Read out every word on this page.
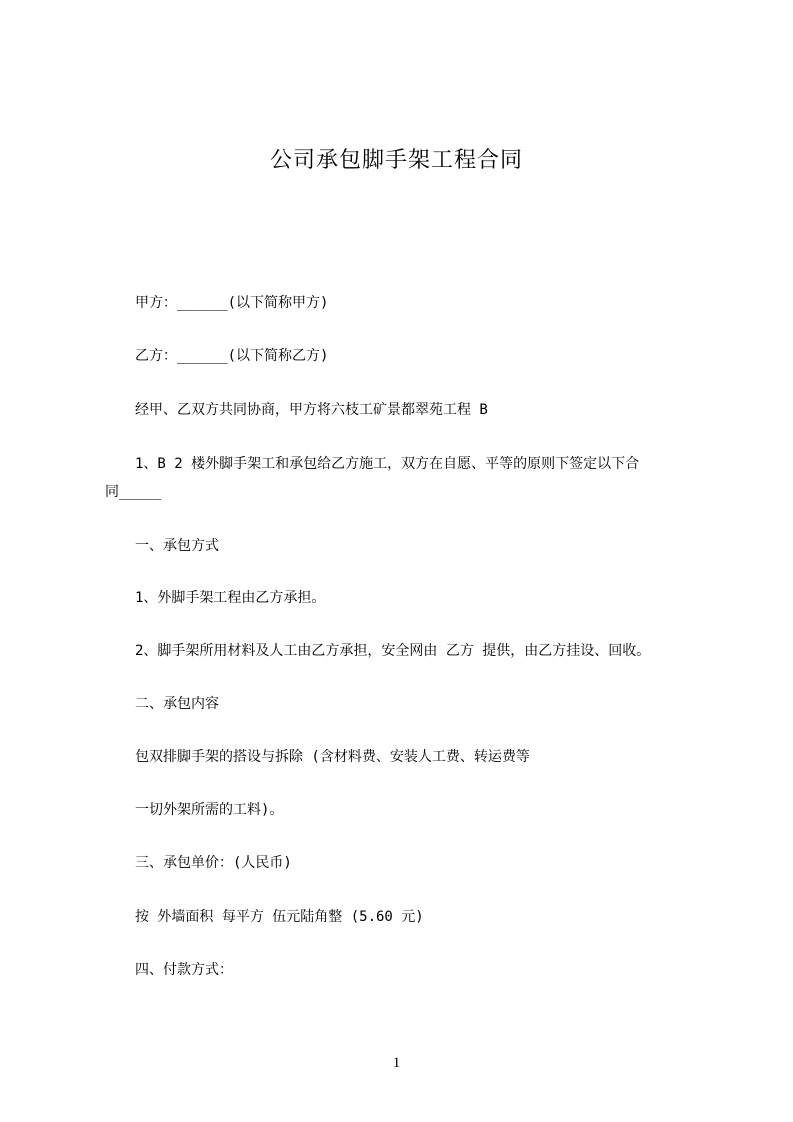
公司承包脚手架工程合同
甲方：______(以下简称甲方)
乙方：______(以下简称乙方)
经甲、乙双方共同协商，甲方将六枝工矿景都翠苑工程 B
1、B 2 楼外脚手架工和承包给乙方施工，双方在自愿、平等的原则下签定以下合
同_____
一、承包方式
1、外脚手架工程由乙方承担。
2、脚手架所用材料及人工由乙方承担，安全网由 乙方 提供，由乙方挂设、回收。
二、承包内容
包双排脚手架的搭设与拆除 (含材料费、安装人工费、转运费等
一切外架所需的工料)。
三、承包单价：(人民币)
按 外墙面积 每平方 伍元陆角整 (5.60 元)
四、付款方式：
1
